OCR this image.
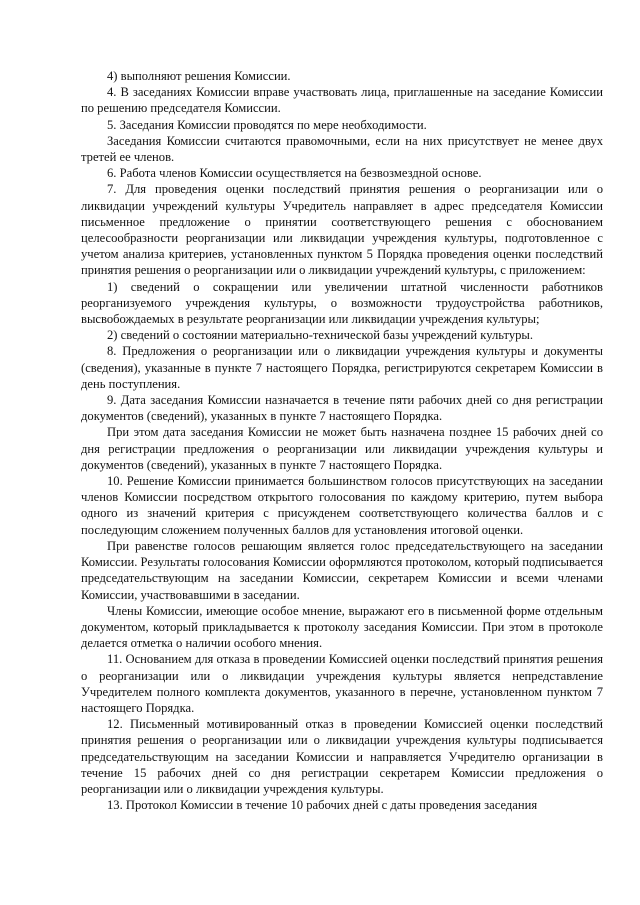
4) выполняют решения Комиссии.

4. В заседаниях Комиссии вправе участвовать лица, приглашенные на заседание Комиссии по решению председателя Комиссии.

5. Заседания Комиссии проводятся по мере необходимости.

Заседания Комиссии считаются правомочными, если на них присутствует не менее двух третей ее членов.

6. Работа членов Комиссии осуществляется на безвозмездной основе.

7. Для проведения оценки последствий принятия решения о реорганизации или о ликвидации учреждений культуры Учредитель направляет в адрес председателя Комиссии письменное предложение о принятии соответствующего решения с обоснованием целесообразности реорганизации или ликвидации учреждения культуры, подготовленное с учетом анализа критериев, установленных пунктом 5 Порядка проведения оценки последствий принятия решения о реорганизации или о ликвидации учреждений культуры, с приложением:

1) сведений о сокращении или увеличении штатной численности работников реорганизуемого учреждения культуры, о возможности трудоустройства работников, высвобождаемых в результате реорганизации или ликвидации учреждения культуры;

2) сведений о состоянии материально-технической базы учреждений культуры.

8. Предложения о реорганизации или о ликвидации учреждения культуры и документы (сведения), указанные в пункте 7 настоящего Порядка, регистрируются секретарем Комиссии в день поступления.

9. Дата заседания Комиссии назначается в течение пяти рабочих дней со дня регистрации документов (сведений), указанных в пункте 7 настоящего Порядка.

При этом дата заседания Комиссии не может быть назначена позднее 15 рабочих дней со дня регистрации предложения о реорганизации или ликвидации учреждения культуры и документов (сведений), указанных в пункте 7 настоящего Порядка.

10. Решение Комиссии принимается большинством голосов присутствующих на заседании членов Комиссии посредством открытого голосования по каждому критерию, путем выбора одного из значений критерия с присужденем соответствующего количества баллов и с последующим сложением полученных баллов для установления итоговой оценки.

При равенстве голосов решающим является голос председательствующего на заседании Комиссии. Результаты голосования Комиссии оформляются протоколом, который подписывается председательствующим на заседании Комиссии, секретарем Комиссии и всеми членами Комиссии, участвовавшими в заседании.

Члены Комиссии, имеющие особое мнение, выражают его в письменной форме отдельным документом, который прикладывается к протоколу заседания Комиссии. При этом в протоколе делается отметка о наличии особого мнения.

11. Основанием для отказа в проведении Комиссией оценки последствий принятия решения о реорганизации или о ликвидации учреждения культуры является непредставление Учредителем полного комплекта документов, указанного в перечне, установленном пунктом 7 настоящего Порядка.

12. Письменный мотивированный отказ в проведении Комиссией оценки последствий принятия решения о реорганизации или о ликвидации учреждения культуры подписывается председательствующим на заседании Комиссии и направляется Учредителю организации в течение 15 рабочих дней со дня регистрации секретарем Комиссии предложения о реорганизации или о ликвидации учреждения культуры.

13. Протокол Комиссии в течение 10 рабочих дней с даты проведения заседания
